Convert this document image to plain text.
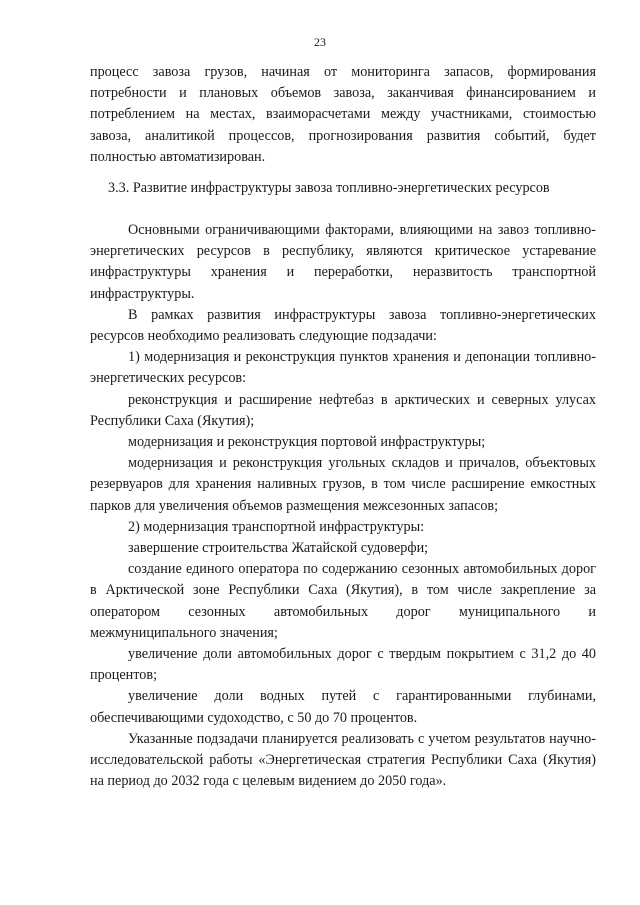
23

процесс завоза грузов, начиная от мониторинга запасов, формирования потребности и плановых объемов завоза, заканчивая финансированием и потреблением на местах, взаиморасчетами между участниками, стоимостью завоза, аналитикой процессов, прогнозирования развития событий, будет полностью автоматизирован.

3.3. Развитие инфраструктуры завоза топливно-энергетических ресурсов

Основными ограничивающими факторами, влияющими на завоз топливно-энергетических ресурсов в республику, являются критическое устаревание инфраструктуры хранения и переработки, неразвитость транспортной инфраструктуры.

В рамках развития инфраструктуры завоза топливно-энергетических ресурсов необходимо реализовать следующие подзадачи:

1) модернизация и реконструкция пунктов хранения и депонации топливно-энергетических ресурсов:

реконструкция и расширение нефтебаз в арктических и северных улусах Республики Саха (Якутия);

модернизация и реконструкция портовой инфраструктуры;

модернизация и реконструкция угольных складов и причалов, объектовых резервуаров для хранения наливных грузов, в том числе расширение емкостных парков для увеличения объемов размещения межсезонных запасов;

2) модернизация транспортной инфраструктуры:

завершение строительства Жатайской судоверфи;

создание единого оператора по содержанию сезонных автомобильных дорог в Арктической зоне Республики Саха (Якутия), в том числе закрепление за оператором сезонных автомобильных дорог муниципального и межмуниципального значения;

увеличение доли автомобильных дорог с твердым покрытием с 31,2 до 40 процентов;

увеличение доли водных путей с гарантированными глубинами, обеспечивающими судоходство, с 50 до 70 процентов.

Указанные подзадачи планируется реализовать с учетом результатов научно-исследовательской работы «Энергетическая стратегия Республики Саха (Якутия) на период до 2032 года с целевым видением до 2050 года».
